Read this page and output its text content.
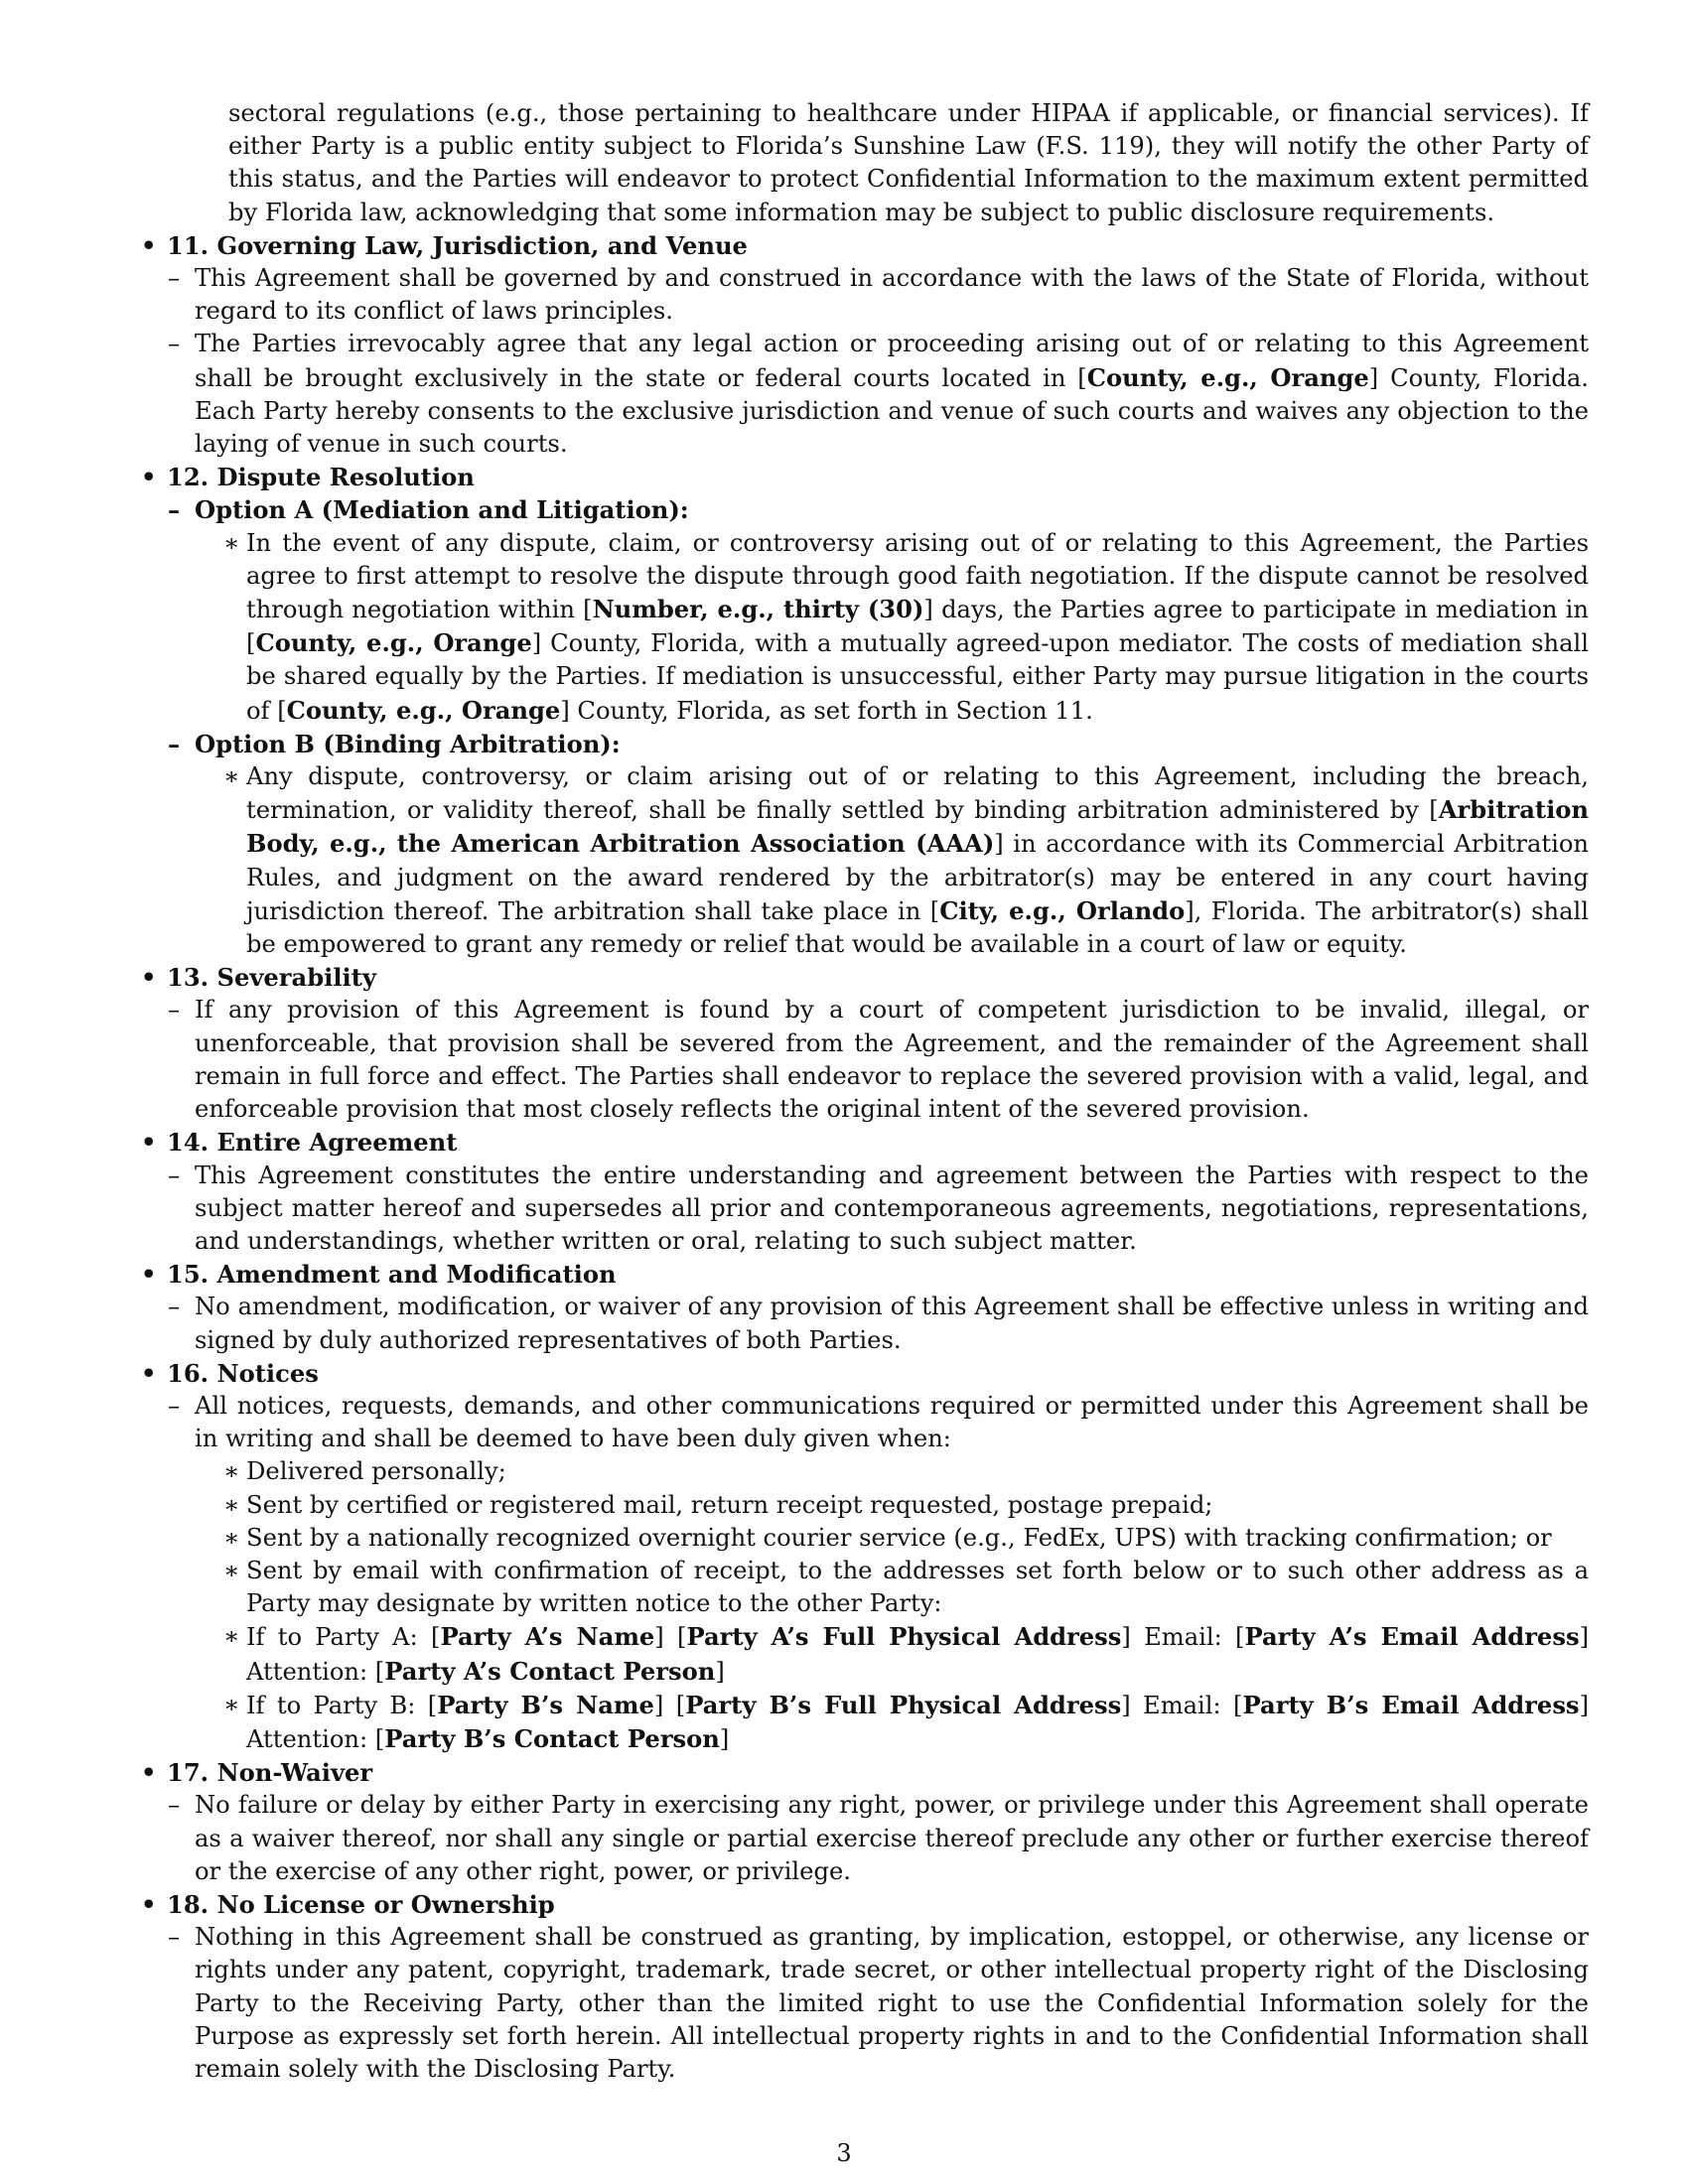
sectoral regulations (e.g., those pertaining to healthcare under HIPAA if applicable, or financial services). If either Party is a public entity subject to Florida’s Sunshine Law (F.S. 119), they will notify the other Party of this status, and the Parties will endeavor to protect Confidential Information to the maximum extent permitted by Florida law, acknowledging that some information may be subject to public disclosure requirements.
• 11. Governing Law, Jurisdiction, and Venue
– This Agreement shall be governed by and construed in accordance with the laws of the State of Florida, without regard to its conflict of laws principles.
– The Parties irrevocably agree that any legal action or proceeding arising out of or relating to this Agreement shall be brought exclusively in the state or federal courts located in [County, e.g., Orange] County, Florida. Each Party hereby consents to the exclusive jurisdiction and venue of such courts and waives any objection to the laying of venue in such courts.
• 12. Dispute Resolution
– Option A (Mediation and Litigation):
∗ In the event of any dispute, claim, or controversy arising out of or relating to this Agreement, the Parties agree to first attempt to resolve the dispute through good faith negotiation. If the dispute cannot be resolved through negotiation within [Number, e.g., thirty (30)] days, the Parties agree to participate in mediation in [County, e.g., Orange] County, Florida, with a mutually agreed-upon mediator. The costs of mediation shall be shared equally by the Parties. If mediation is unsuccessful, either Party may pursue litigation in the courts of [County, e.g., Orange] County, Florida, as set forth in Section 11.
– Option B (Binding Arbitration):
∗ Any dispute, controversy, or claim arising out of or relating to this Agreement, including the breach, termination, or validity thereof, shall be finally settled by binding arbitration administered by [Arbitration Body, e.g., the American Arbitration Association (AAA)] in accordance with its Commercial Arbitration Rules, and judgment on the award rendered by the arbitrator(s) may be entered in any court having jurisdiction thereof. The arbitration shall take place in [City, e.g., Orlando], Florida. The arbitrator(s) shall be empowered to grant any remedy or relief that would be available in a court of law or equity.
• 13. Severability
– If any provision of this Agreement is found by a court of competent jurisdiction to be invalid, illegal, or unenforceable, that provision shall be severed from the Agreement, and the remainder of the Agreement shall remain in full force and effect. The Parties shall endeavor to replace the severed provision with a valid, legal, and enforceable provision that most closely reflects the original intent of the severed provision.
• 14. Entire Agreement
– This Agreement constitutes the entire understanding and agreement between the Parties with respect to the subject matter hereof and supersedes all prior and contemporaneous agreements, negotiations, representations, and understandings, whether written or oral, relating to such subject matter.
• 15. Amendment and Modification
– No amendment, modification, or waiver of any provision of this Agreement shall be effective unless in writing and signed by duly authorized representatives of both Parties.
• 16. Notices
– All notices, requests, demands, and other communications required or permitted under this Agreement shall be in writing and shall be deemed to have been duly given when:
∗ Delivered personally;
∗ Sent by certified or registered mail, return receipt requested, postage prepaid;
∗ Sent by a nationally recognized overnight courier service (e.g., FedEx, UPS) with tracking confirmation; or
∗ Sent by email with confirmation of receipt, to the addresses set forth below or to such other address as a Party may designate by written notice to the other Party:
∗ If to Party A: [Party A’s Name] [Party A’s Full Physical Address] Email: [Party A’s Email Address] Attention: [Party A’s Contact Person]
∗ If to Party B: [Party B’s Name] [Party B’s Full Physical Address] Email: [Party B’s Email Address] Attention: [Party B’s Contact Person]
• 17. Non-Waiver
– No failure or delay by either Party in exercising any right, power, or privilege under this Agreement shall operate as a waiver thereof, nor shall any single or partial exercise thereof preclude any other or further exercise thereof or the exercise of any other right, power, or privilege.
• 18. No License or Ownership
– Nothing in this Agreement shall be construed as granting, by implication, estoppel, or otherwise, any license or rights under any patent, copyright, trademark, trade secret, or other intellectual property right of the Disclosing Party to the Receiving Party, other than the limited right to use the Confidential Information solely for the Purpose as expressly set forth herein. All intellectual property rights in and to the Confidential Information shall remain solely with the Disclosing Party.
3
